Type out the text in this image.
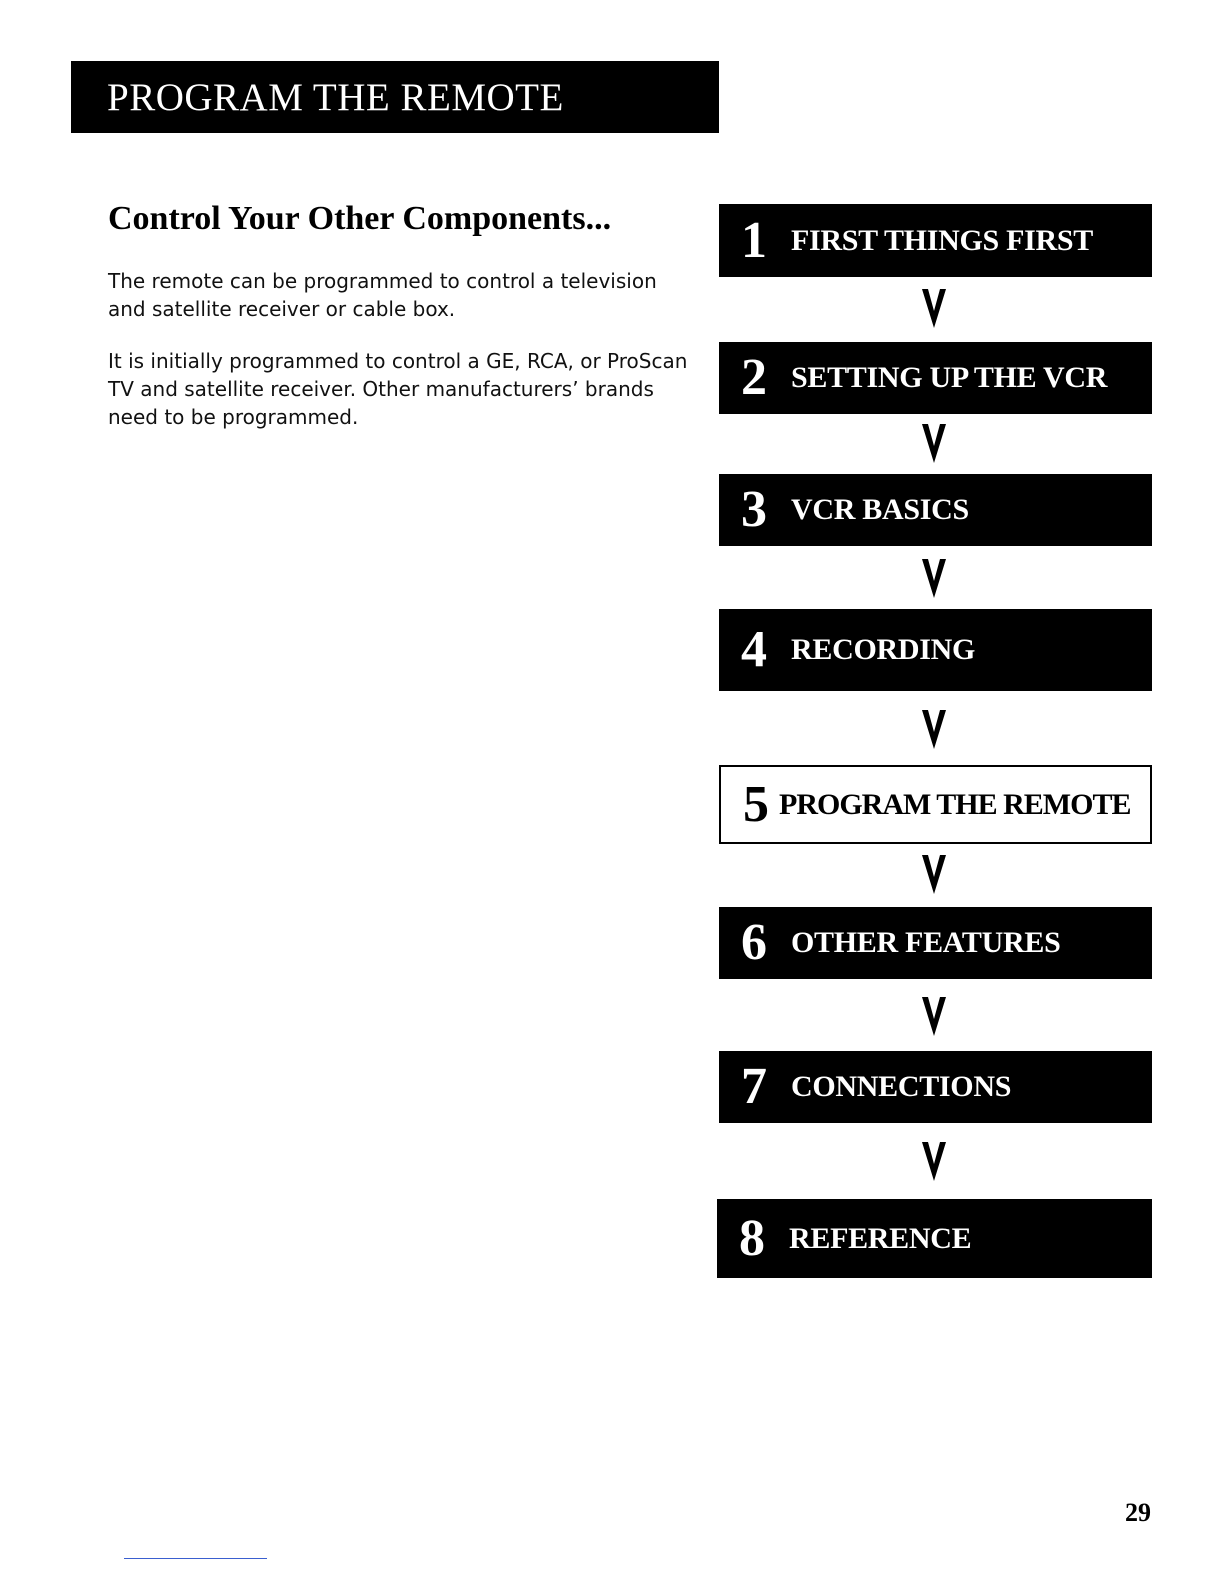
PROGRAM THE REMOTE
Control Your Other Components...

The remote can be programmed to control a television and satellite receiver or cable box.

It is initially programmed to control a GE, RCA, or ProScan TV and satellite receiver. Other manufacturers’ brands need to be programmed.

1 FIRST THINGS FIRST
2 SETTING UP THE VCR
3 VCR BASICS
4 RECORDING
5 PROGRAM THE REMOTE
6 OTHER FEATURES
7 CONNECTIONS
8 REFERENCE
29
